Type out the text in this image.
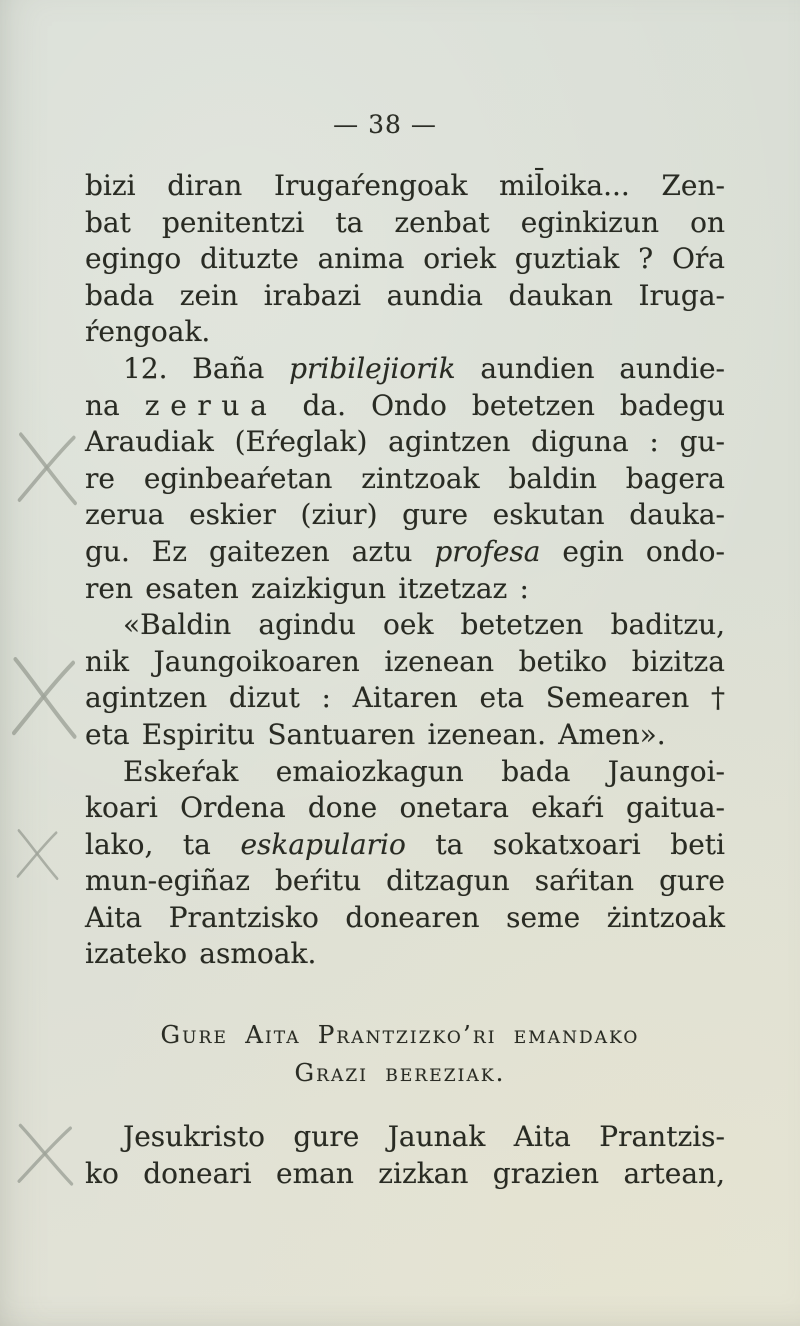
— 38 —
bizi diran Irugaŕengoak mil̄oika... Zen-
bat penitentzi ta zenbat eginkizun on
egingo dituzte anima oriek guztiak ? Oŕa
bada zein irabazi aundia daukan Iruga-
ŕengoak.
12. Baña pribilejiorik aundien aundie-
na zerua da. Ondo betetzen badegu
Araudiak (Eŕeglak) agintzen diguna : gu-
re eginbeaŕetan zintzoak baldin bagera
zerua eskier (ziur) gure eskutan dauka-
gu. Ez gaitezen aztu profesa egin ondo-
ren esaten zaizkigun itzetzaz :
«Baldin agindu oek betetzen baditzu,
nik Jaungoikoaren izenean betiko bizitza
agintzen dizut : Aitaren eta Semearen †
eta Espiritu Santuaren izenean. Amen».
Eskeŕak emaiozkagun bada Jaungoi-
koari Ordena done onetara ekaŕi gaitua-
lako, ta eskapulario ta sokatxoari beti
mun-egiñaz beŕitu ditzagun saŕitan gure
Aita Prantzisko donearen seme żintzoak
izateko asmoak.
Gure Aita Prantzizko’ri emandako
Grazi bereziak.
Jesukristo gure Jaunak Aita Prantzis-
ko doneari eman zizkan grazien artean,
